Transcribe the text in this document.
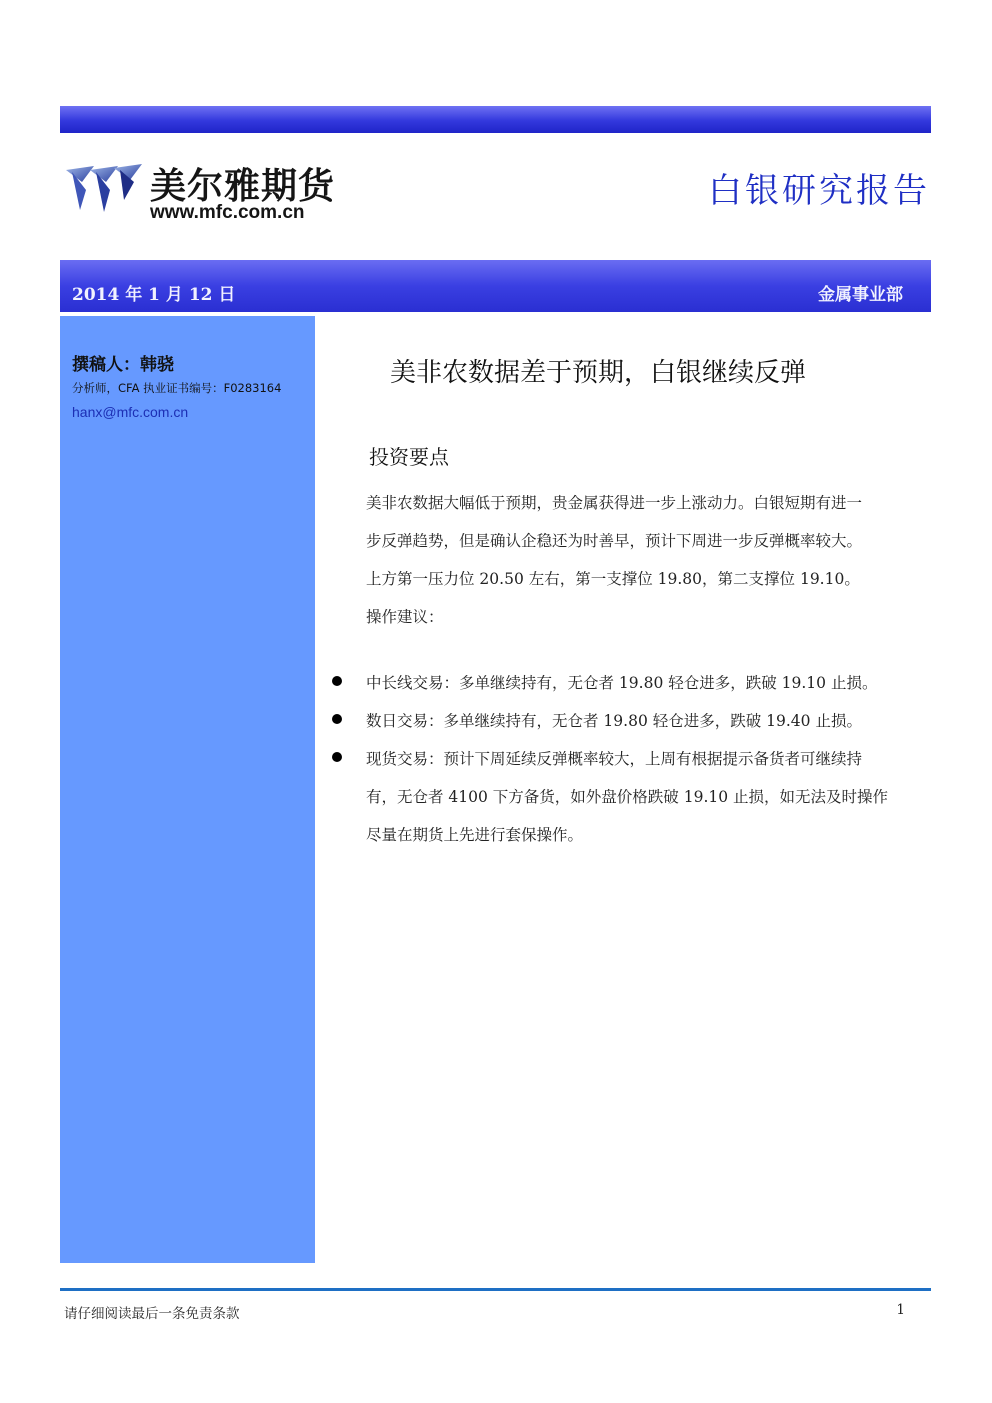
美尔雅期货
www.mfc.com.cn
白银研究报告
2014 年 1 月 12 日	金属事业部
撰稿人：韩骁
分析师，CFA 执业证书编号：F0283164
hanx@mfc.com.cn
美非农数据差于预期，白银继续反弹
投资要点

美非农数据大幅低于预期，贵金属获得进一步上涨动力。白银短期有进一

步反弹趋势，但是确认企稳还为时善早，预计下周进一步反弹概率较大。

上方第一压力位 20.50 左右，第一支撑位 19.80，第二支撑位 19.10。

操作建议：

中长线交易：多单继续持有，无仓者 19.80 轻仓进多，跌破 19.10 止损。
数日交易：多单继续持有，无仓者 19.80 轻仓进多，跌破 19.40 止损。
现货交易：预计下周延续反弹概率较大，上周有根据提示备货者可继续持
有，无仓者 4100 下方备货，如外盘价格跌破 19.10 止损，如无法及时操作
尽量在期货上先进行套保操作。
请仔细阅读最后一条免责条款	1
